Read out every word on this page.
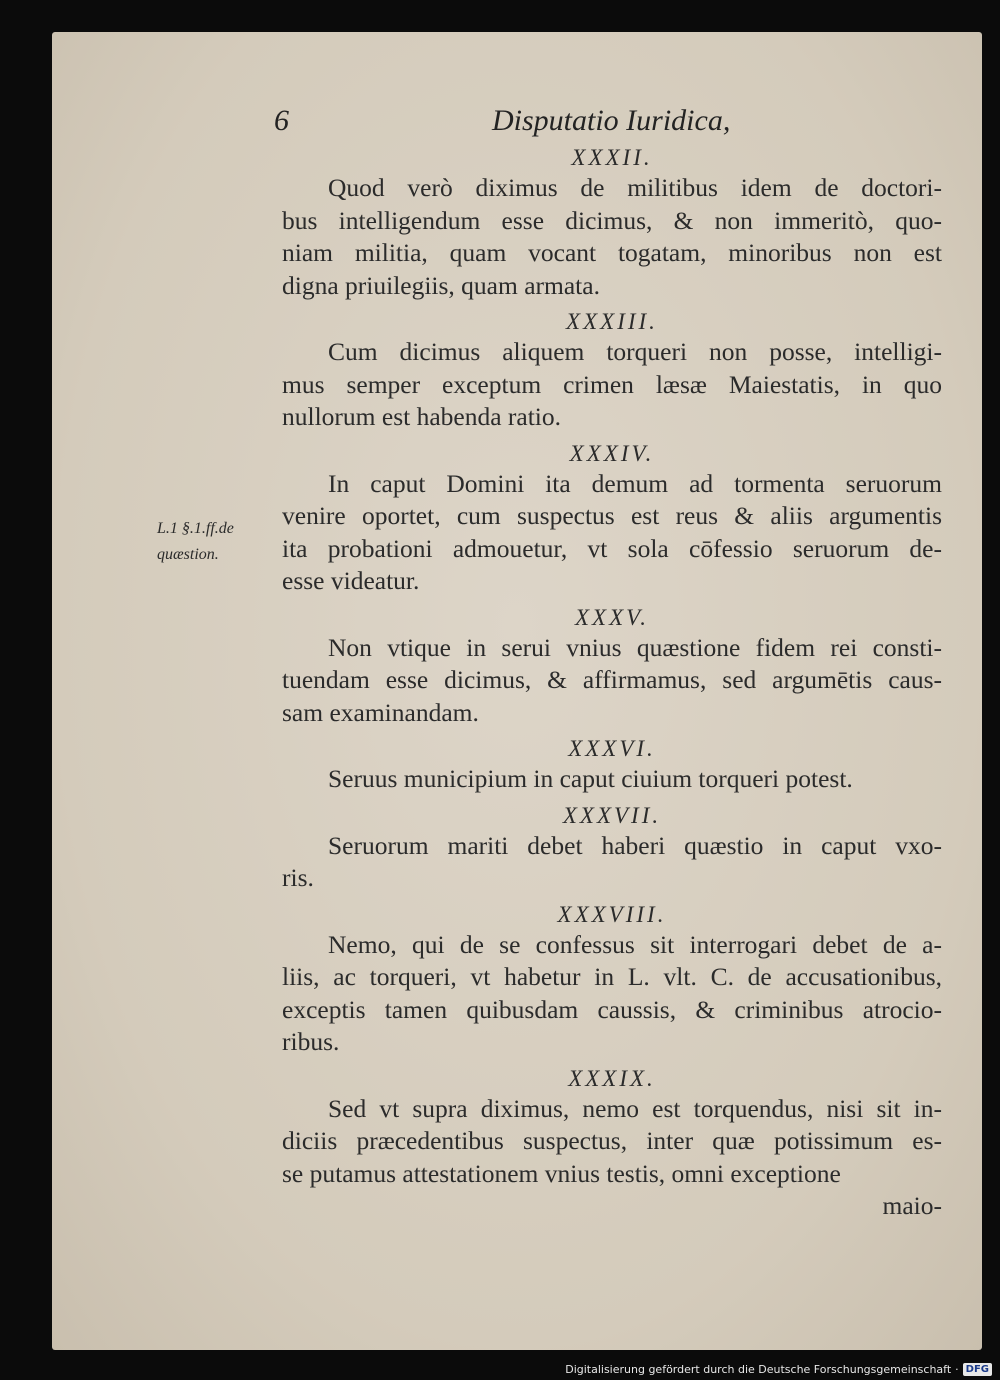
6	Disputatio Iuridica,
L.1 §.1.ff.de
quæstion.
XXXII.
Quod verò diximus de militibus idem de doctori-
bus intelligendum esse dicimus, & non immeritò, quo-
niam militia, quam vocant togatam, minoribus non est
digna priuilegiis, quam armata.
XXXIII.
Cum dicimus aliquem torqueri non posse, intelligi-
mus semper exceptum crimen læsæ Maiestatis, in quo
nullorum est habenda ratio.
XXXIV.
In caput Domini ita demum ad tormenta seruorum
venire oportet, cum suspectus est reus & aliis argumentis
ita probationi admouetur, vt sola cōfessio seruorum de-
esse videatur.
XXXV.
Non vtique in serui vnius quæstione fidem rei consti-
tuendam esse dicimus, & affirmamus, sed argumētis caus-
sam examinandam.
XXXVI.
Seruus municipium in caput ciuium torqueri potest.
XXXVII.
Seruorum mariti debet haberi quæstio in caput vxo-
ris.
XXXVIII.
Nemo, qui de se confessus sit interrogari debet de a-
liis, ac torqueri, vt habetur in L. vlt. C. de accusationibus,
exceptis tamen quibusdam caussis, & criminibus atrocio-
ribus.
XXXIX.
Sed vt supra diximus, nemo est torquendus, nisi sit in-
diciis præcedentibus suspectus, inter quæ potissimum es-
se putamus attestationem vnius testis, omni exceptione
maio-
Digitalisierung gefördert durch die Deutsche Forschungsgemeinschaft · DFG
